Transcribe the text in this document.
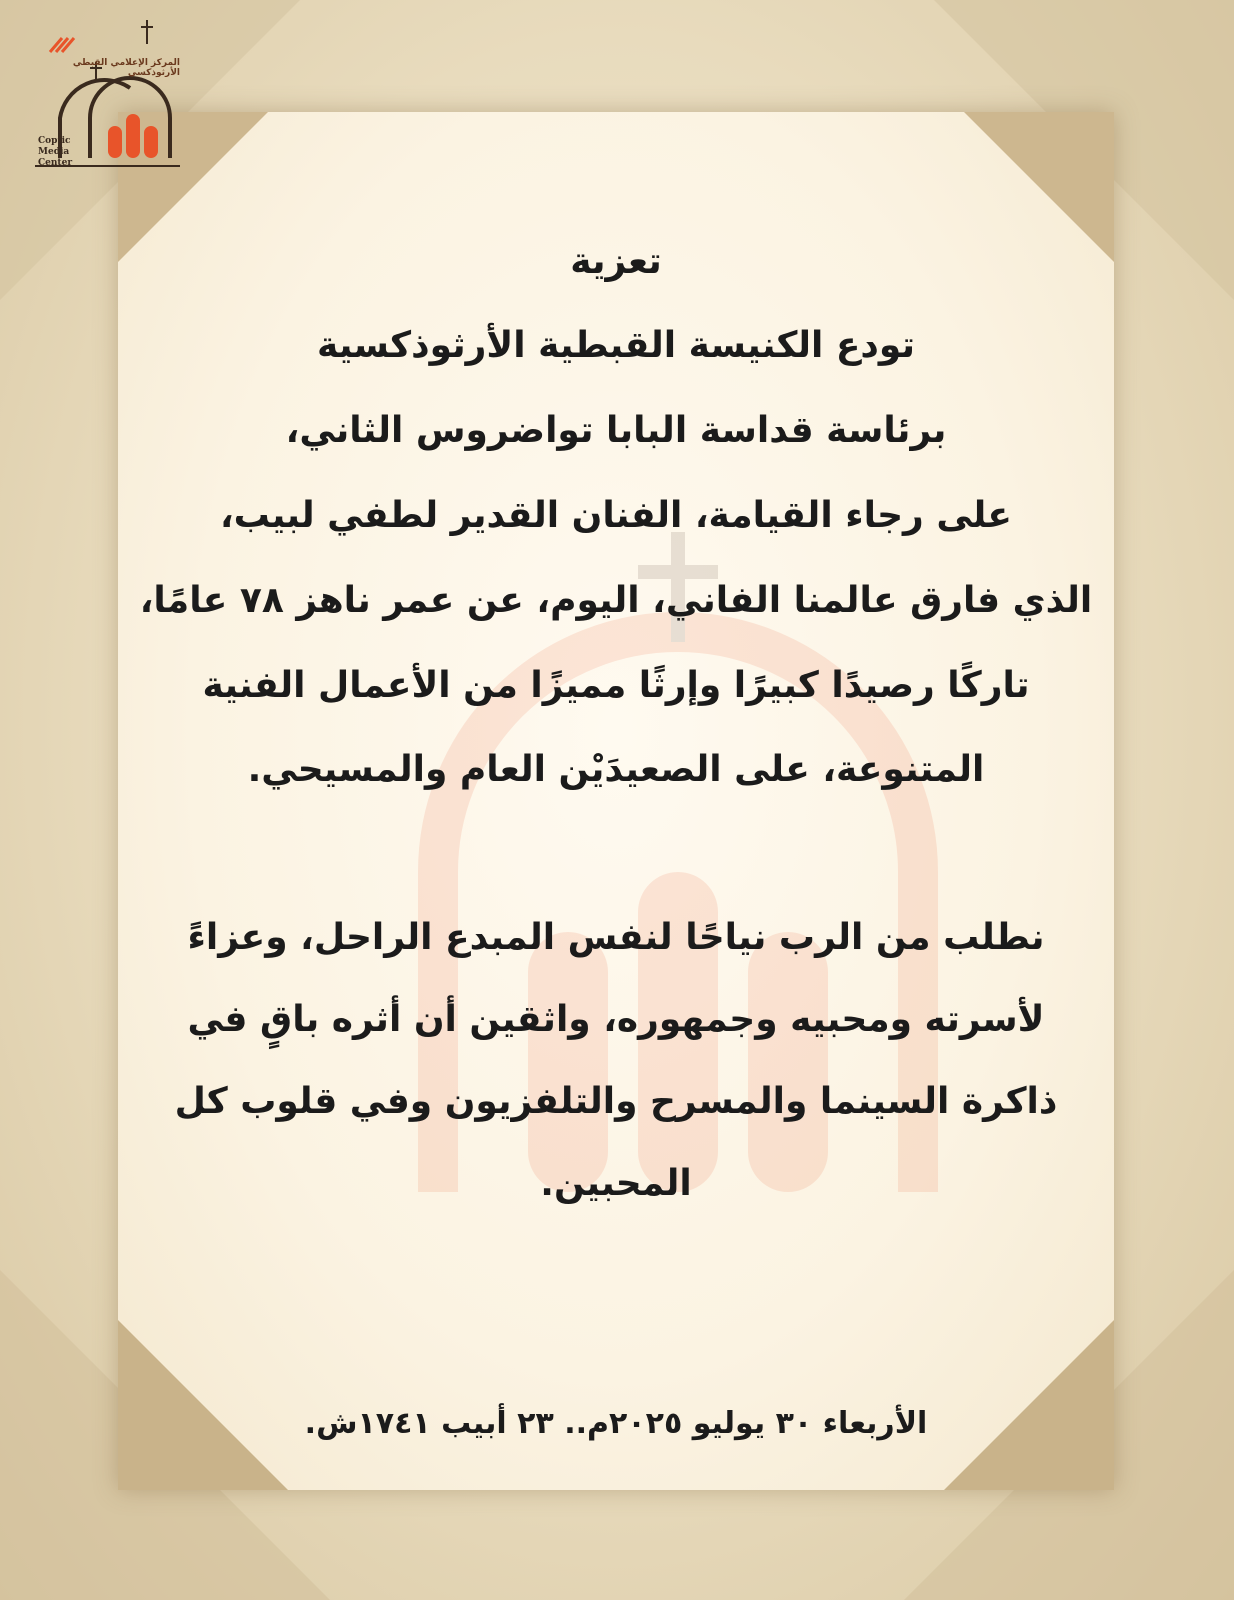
المركز الإعلامي القبطي الأرثوذكسي
Coptic
Media
Center
تعزية
تودع الكنيسة القبطية الأرثوذكسية
برئاسة قداسة البابا تواضروس الثاني،
على رجاء القيامة، الفنان القدير لطفي لبيب،
الذي فارق عالمنا الفاني، اليوم، عن عمر ناهز ٧٨ عامًا،
تاركًا رصيدًا كبيرًا وإرثًا مميزًا من الأعمال الفنية
المتنوعة، على الصعيدَيْن العام والمسيحي.
نطلب من الرب نياحًا لنفس المبدع الراحل، وعزاءً
لأسرته ومحبيه وجمهوره، واثقين أن أثره باقٍ في
ذاكرة السينما والمسرح والتلفزيون وفي قلوب كل
المحبين.
الأربعاء ٣٠ يوليو ٢٠٢٥م.. ٢٣ أبيب ١٧٤١ش.
